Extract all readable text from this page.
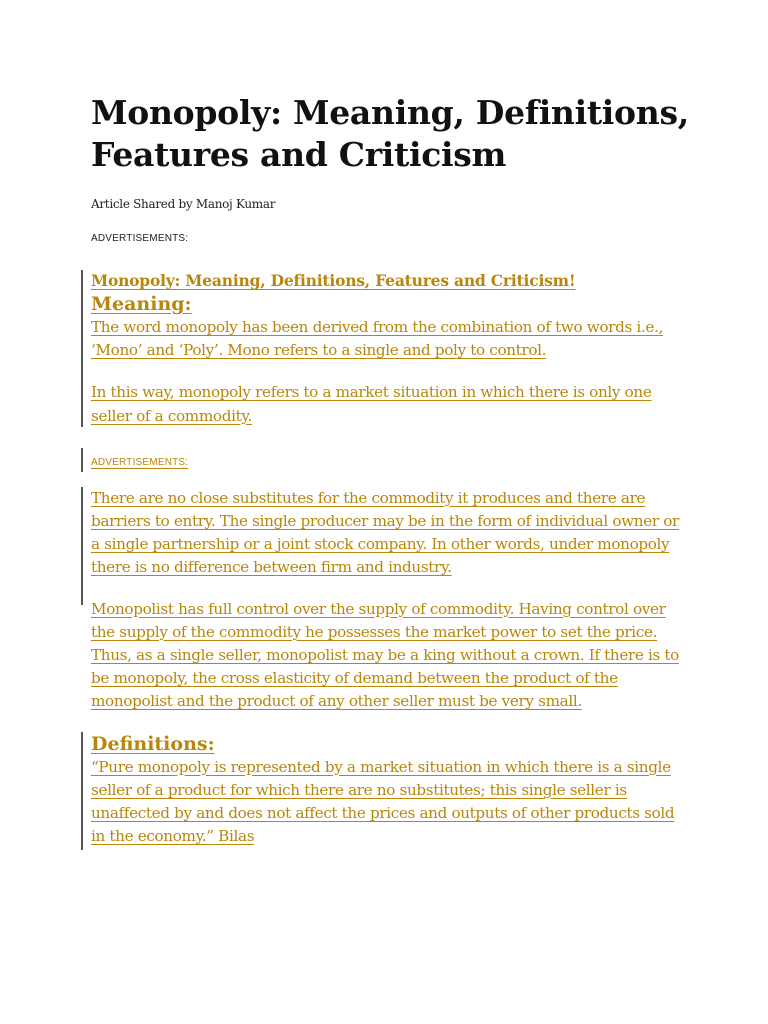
Monopoly: Meaning, Definitions, Features and Criticism
Article Shared by Manoj Kumar
ADVERTISEMENTS:

Monopoly: Meaning, Definitions, Features and Criticism!

Meaning:

The word monopoly has been derived from the combination of two words i.e., ‘Mono’ and ‘Poly’. Mono refers to a single and poly to control.

In this way, monopoly refers to a market situation in which there is only one seller of a commodity.

ADVERTISEMENTS:

There are no close substitutes for the commodity it produces and there are barriers to entry. The single producer may be in the form of individual owner or a single partnership or a joint stock company. In other words, under monopoly there is no difference between firm and industry.

Monopolist has full control over the supply of commodity. Having control over the supply of the commodity he possesses the market power to set the price. Thus, as a single seller, monopolist may be a king without a crown. If there is to be monopoly, the cross elasticity of demand between the product of the monopolist and the product of any other seller must be very small.

Definitions:

“Pure monopoly is represented by a market situation in which there is a single seller of a product for which there are no substitutes; this single seller is unaffected by and does not affect the prices and outputs of other products sold in the economy.” Bilas
